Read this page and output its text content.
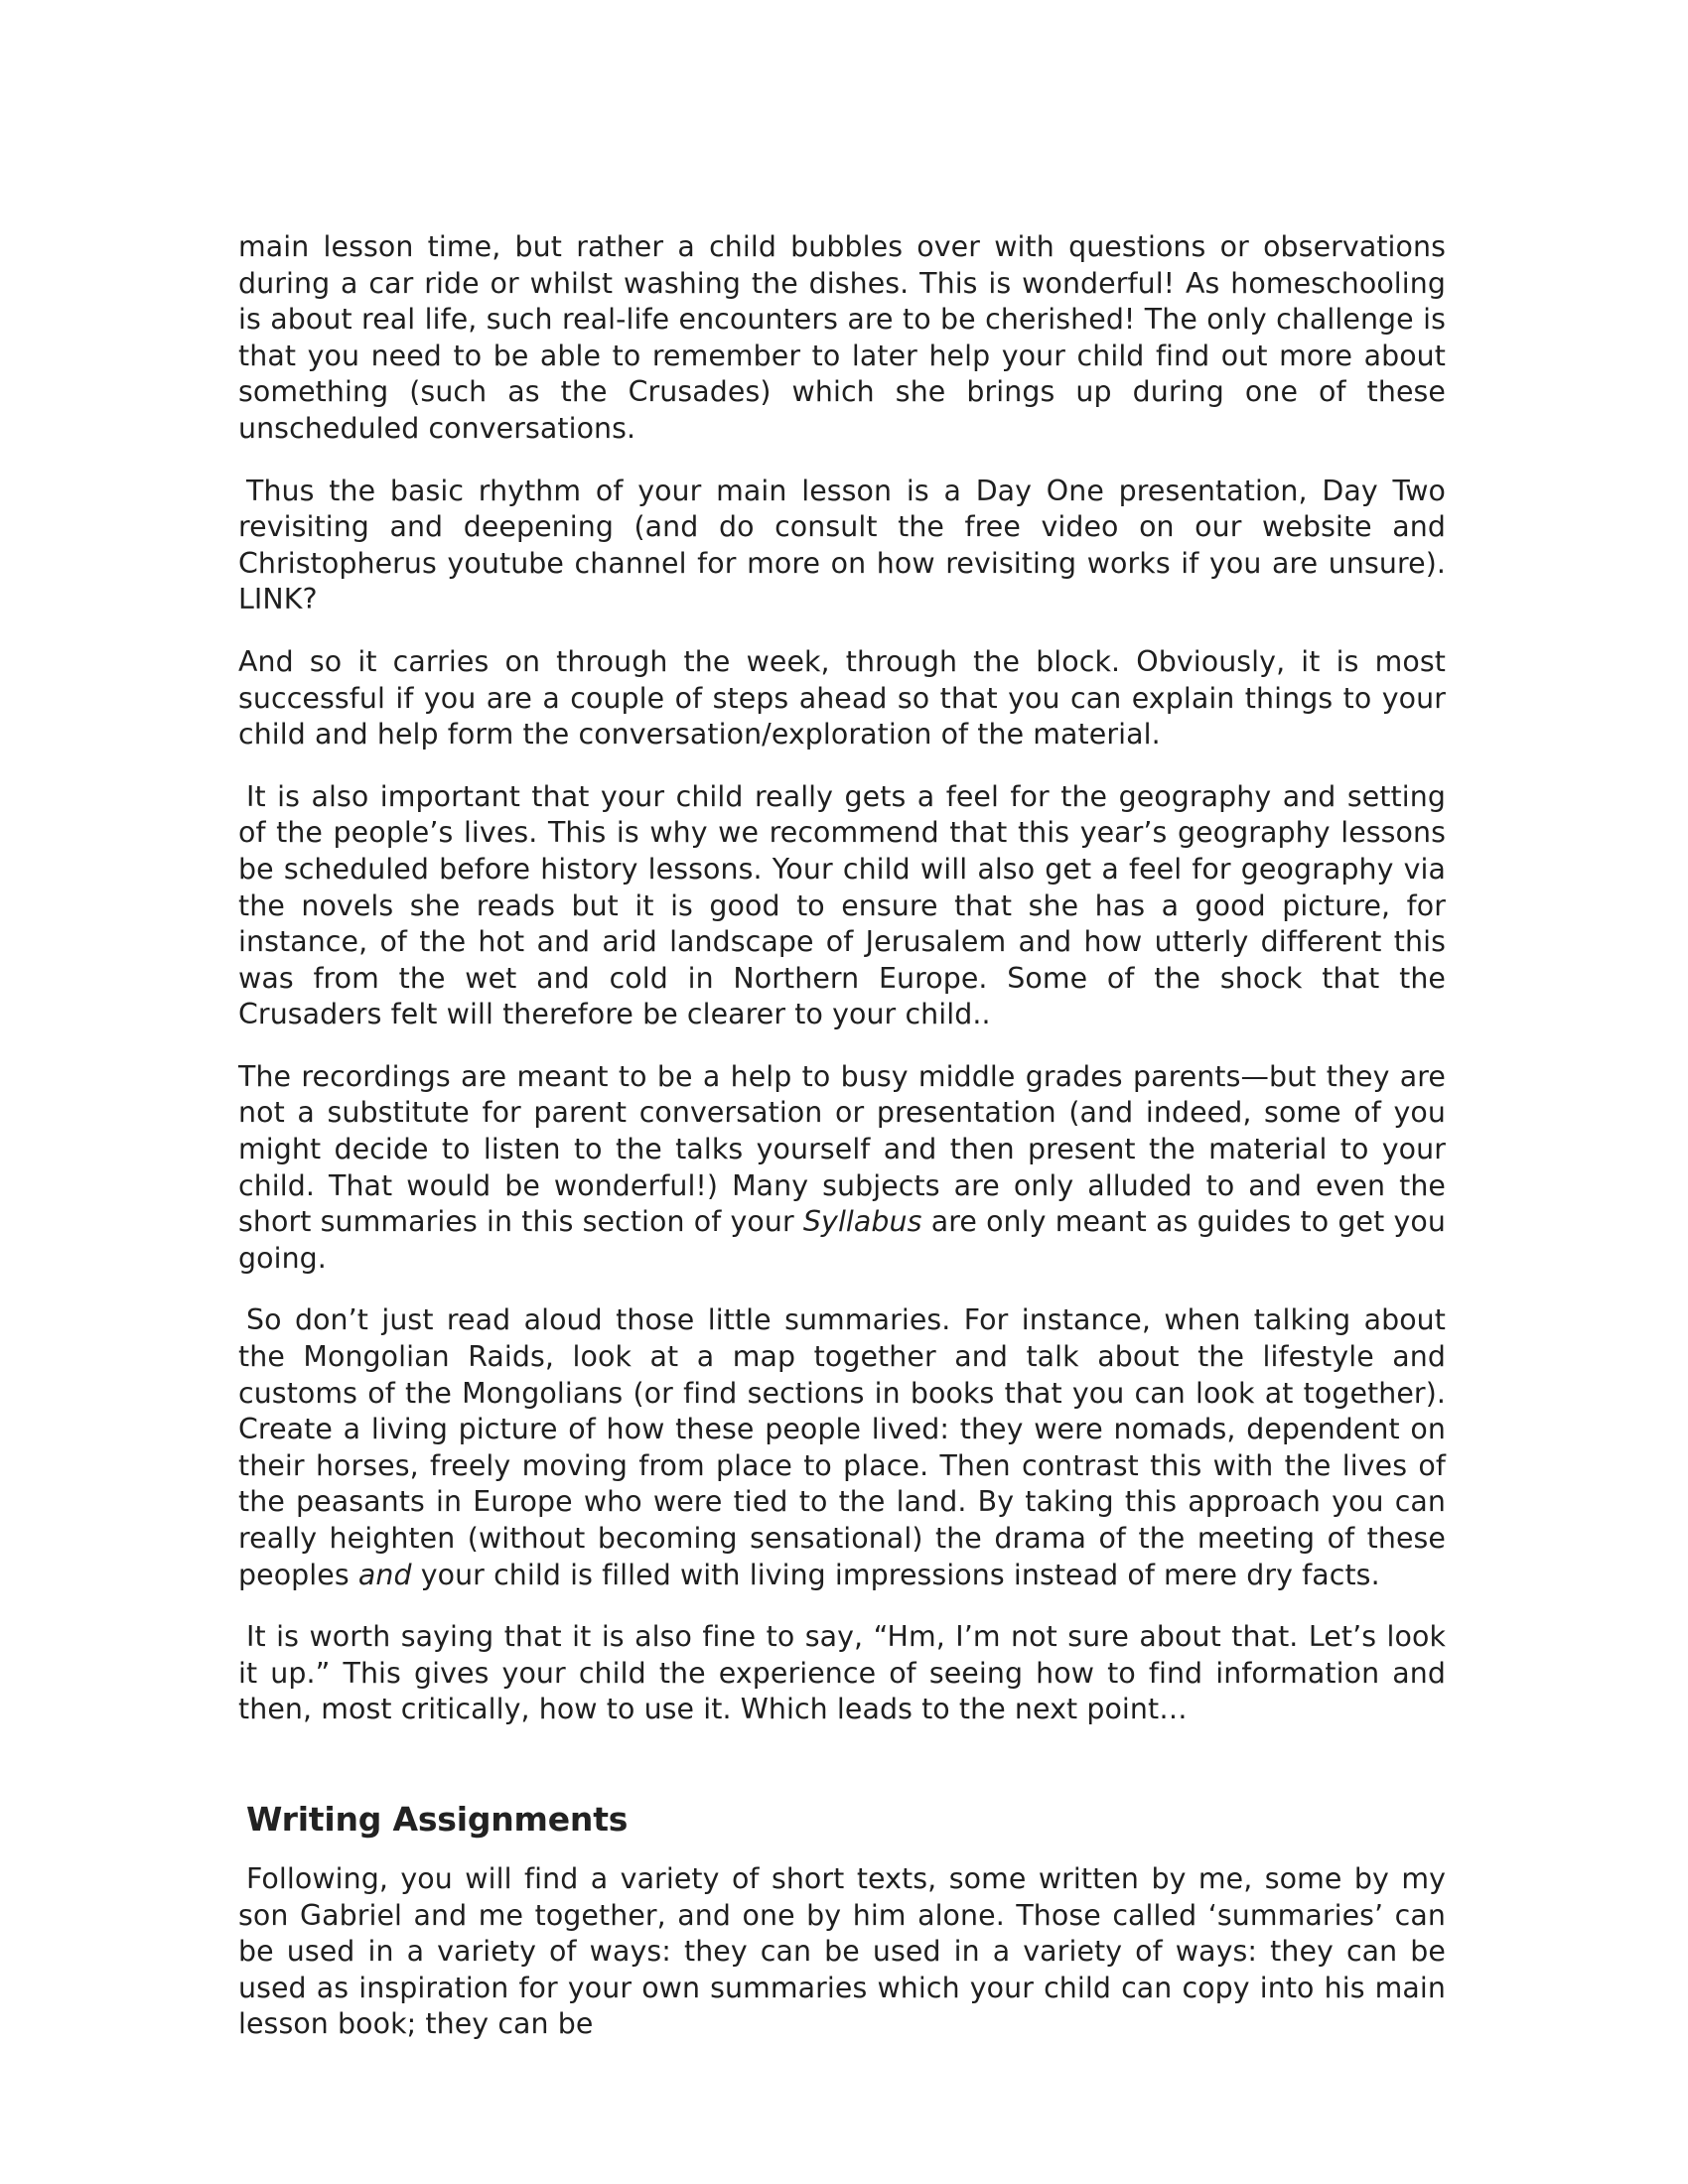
main lesson time, but rather a child bubbles over with questions or observations during a car ride or whilst washing the dishes. This is wonderful! As homeschooling is about real life, such real-life encounters are to be cherished! The only challenge is that you need to be able to remember to later help your child find out more about something (such as the Crusades) which she brings up during one of these unscheduled conversations.

Thus the basic rhythm of your main lesson is a Day One presentation, Day Two revisiting and deepening (and do consult the free video on our website and Christopherus youtube channel for more on how revisiting works if you are unsure). LINK?

And so it carries on through the week, through the block. Obviously, it is most successful if you are a couple of steps ahead so that you can explain things to your child and help form the conversation/exploration of the material.

It is also important that your child really gets a feel for the geography and setting of the people’s lives. This is why we recommend that this year’s geography lessons be scheduled before history lessons. Your child will also get a feel for geography via the novels she reads but it is good to ensure that she has a good picture, for instance, of the hot and arid landscape of Jerusalem and how utterly different this was from the wet and cold in Northern Europe. Some of the shock that the Crusaders felt will therefore be clearer to your child..

The recordings are meant to be a help to busy middle grades parents—but they are not a substitute for parent conversation or presentation (and indeed, some of you might decide to listen to the talks yourself and then present the material to your child. That would be wonderful!) Many subjects are only alluded to and even the short summaries in this section of your Syllabus are only meant as guides to get you going.

So don’t just read aloud those little summaries. For instance, when talking about the Mongolian Raids, look at a map together and talk about the lifestyle and customs of the Mongolians (or find sections in books that you can look at together). Create a living picture of how these people lived: they were nomads, dependent on their horses, freely moving from place to place. Then contrast this with the lives of the peasants in Europe who were tied to the land. By taking this approach you can really heighten (without becoming sensational) the drama of the meeting of these peoples and your child is filled with living impressions instead of mere dry facts.

It is worth saying that it is also fine to say, “Hm, I’m not sure about that. Let’s look it up.” This gives your child the experience of seeing how to find information and then, most critically, how to use it. Which leads to the next point…

Writing Assignments

Following, you will find a variety of short texts, some written by me, some by my son Gabriel and me together, and one by him alone. Those called ‘summaries’ can be used in a variety of ways: they can be used in a variety of ways: they can be used as inspiration for your own summaries which your child can copy into his main lesson book; they can be
